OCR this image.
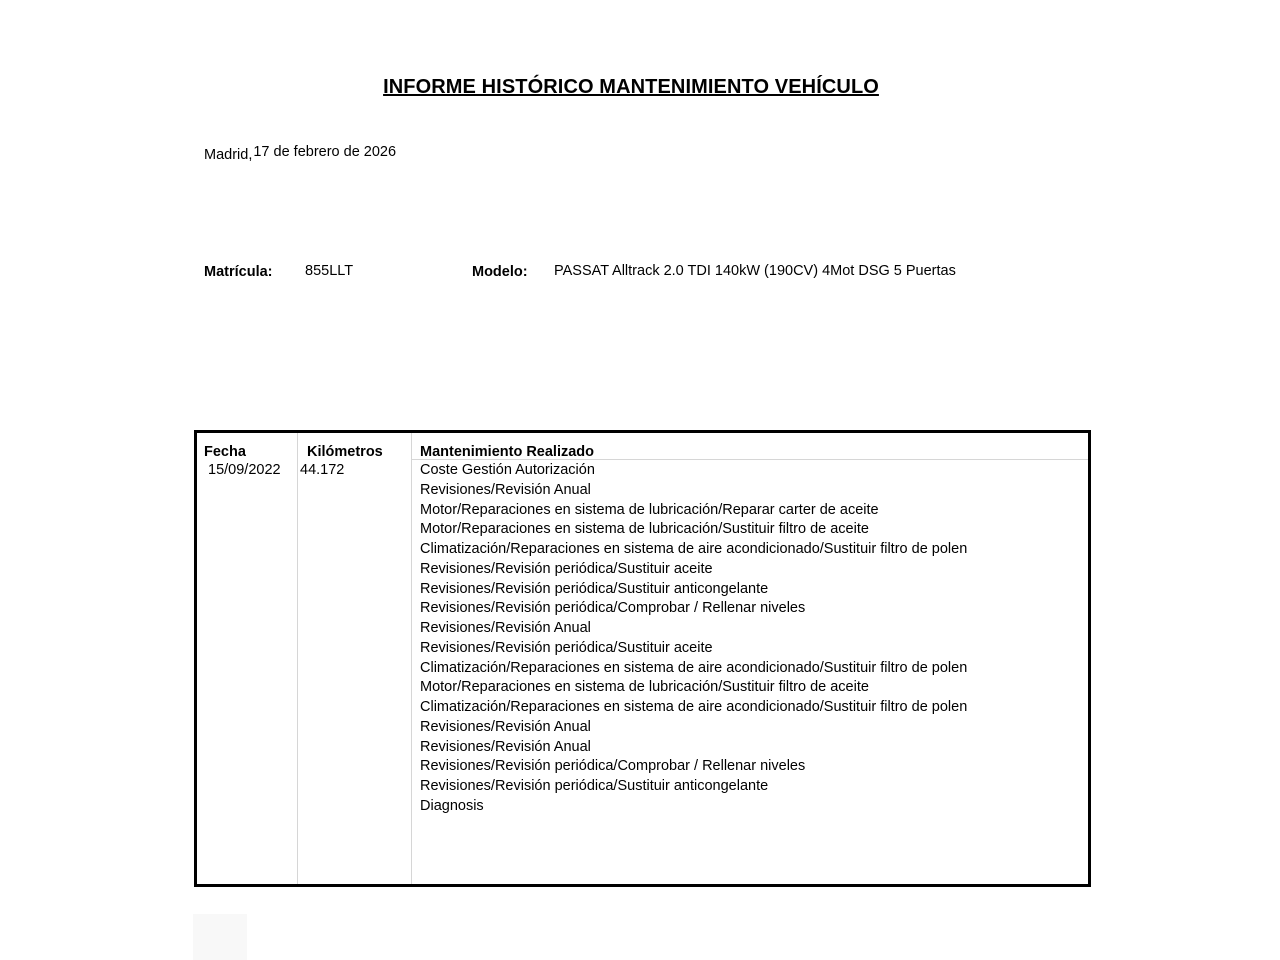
INFORME HISTÓRICO MANTENIMIENTO VEHÍCULO
Madrid,17 de febrero de 2026
Matrícula: 855LLT	Modelo: PASSAT Alltrack 2.0 TDI 140kW (190CV) 4Mot DSG 5 Puertas
Fecha	Kilómetros	Mantenimiento Realizado
15/09/2022 44.172	Coste Gestión Autorización
Revisiones/Revisión Anual
Motor/Reparaciones en sistema de lubricación/Reparar carter de aceite
Motor/Reparaciones en sistema de lubricación/Sustituir filtro de aceite
Climatización/Reparaciones en sistema de aire acondicionado/Sustituir filtro de polen
Revisiones/Revisión periódica/Sustituir aceite
Revisiones/Revisión periódica/Sustituir anticongelante
Revisiones/Revisión periódica/Comprobar / Rellenar niveles
Revisiones/Revisión Anual
Revisiones/Revisión periódica/Sustituir aceite
Climatización/Reparaciones en sistema de aire acondicionado/Sustituir filtro de polen
Motor/Reparaciones en sistema de lubricación/Sustituir filtro de aceite
Climatización/Reparaciones en sistema de aire acondicionado/Sustituir filtro de polen
Revisiones/Revisión Anual
Revisiones/Revisión Anual
Revisiones/Revisión periódica/Comprobar / Rellenar niveles
Revisiones/Revisión periódica/Sustituir anticongelante
Diagnosis
